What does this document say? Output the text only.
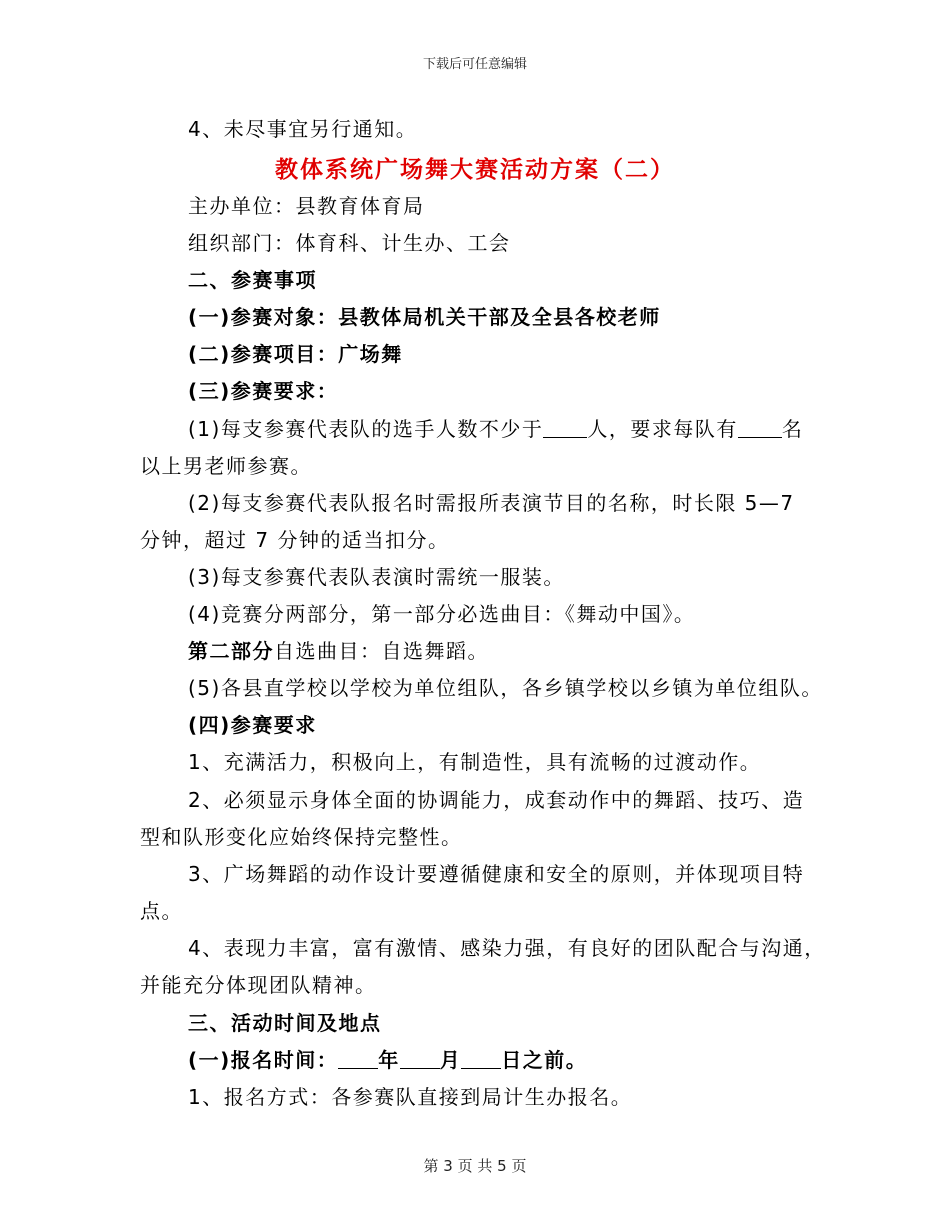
下载后可任意编辑
4、未尽事宜另行通知。
教体系统广场舞大赛活动方案（二）
主办单位：县教育体育局
组织部门：体育科、计生办、工会
二、参赛事项
(一)参赛对象：县教体局机关干部及全县各校老师
(二)参赛项目：广场舞
(三)参赛要求：
(1)每支参赛代表队的选手人数不少于 人，要求每队有 名
以上男老师参赛。
(2)每支参赛代表队报名时需报所表演节目的名称，时长限 5—7
分钟，超过 7 分钟的适当扣分。
(3)每支参赛代表队表演时需统一服装。
(4)竞赛分两部分，第一部分必选曲目：《舞动中国》。
第二部分自选曲目：自选舞蹈。
(5)各县直学校以学校为单位组队，各乡镇学校以乡镇为单位组队。
(四)参赛要求
1、充满活力，积极向上，有制造性，具有流畅的过渡动作。
2、必须显示身体全面的协调能力，成套动作中的舞蹈、技巧、造
型和队形变化应始终保持完整性。
3、广场舞蹈的动作设计要遵循健康和安全的原则，并体现项目特
点。
4、表现力丰富，富有激情、感染力强，有良好的团队配合与沟通，
并能充分体现团队精神。
三、活动时间及地点
(一)报名时间： 年 月 日之前。
1、报名方式：各参赛队直接到局计生办报名。
第 3 页 共 5 页
